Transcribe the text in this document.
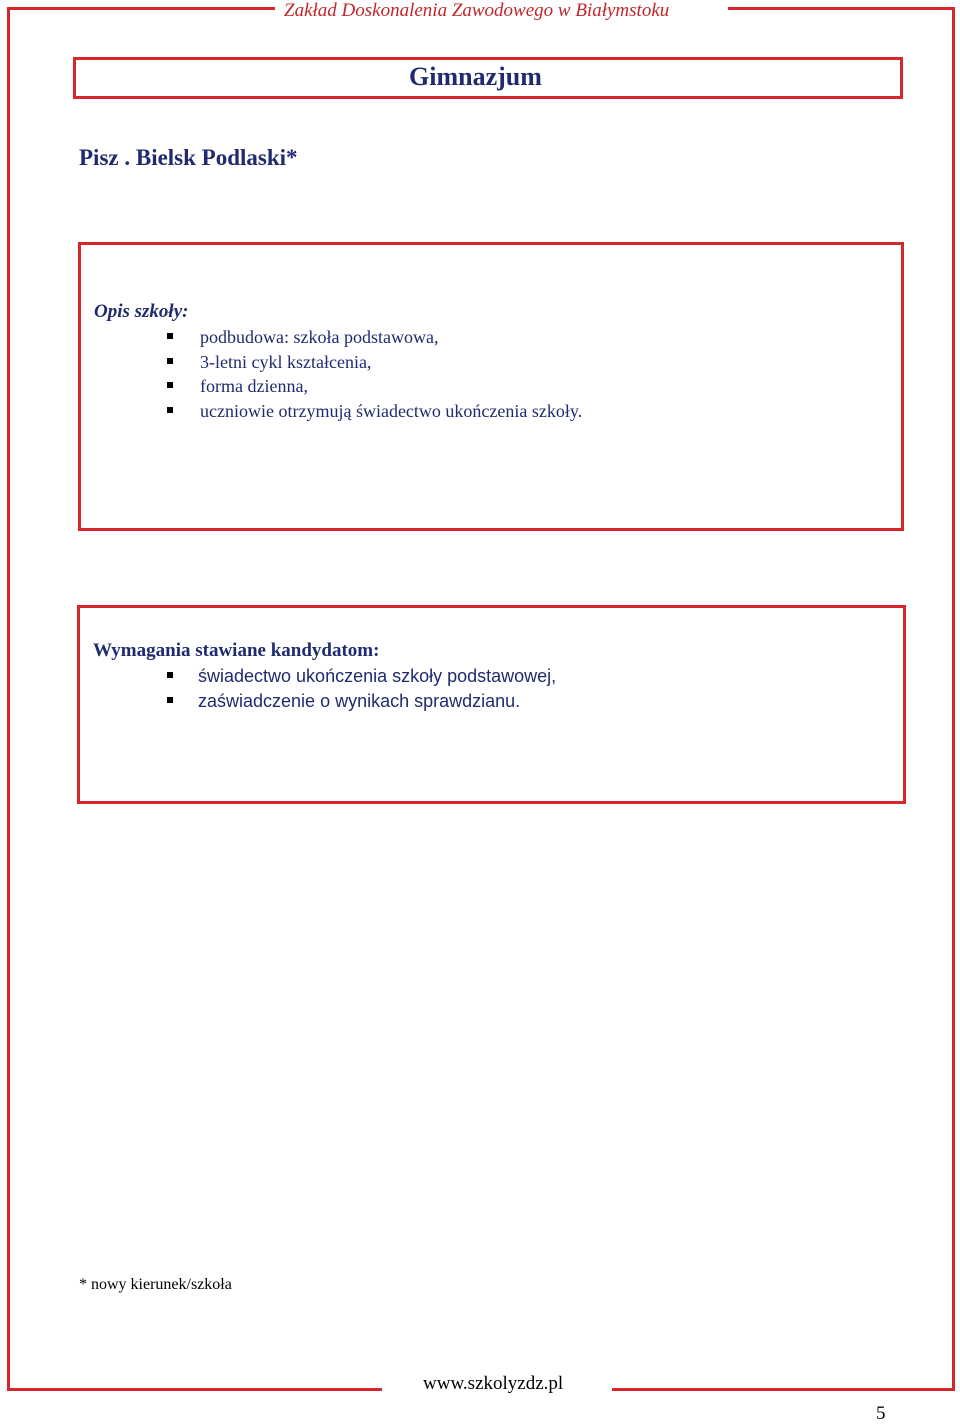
Zakład Doskonalenia Zawodowego w Białymstoku
Gimnazjum
Pisz . Bielsk Podlaski*
Opis szkoły:
podbudowa: szkoła podstawowa,
3-letni cykl kształcenia,
forma dzienna,
uczniowie otrzymują świadectwo ukończenia szkoły.
Wymagania stawiane kandydatom:
świadectwo ukończenia szkoły podstawowej,
zaświadczenie o wynikach sprawdzianu.
* nowy kierunek/szkoła
www.szkolyzdz.pl
5
